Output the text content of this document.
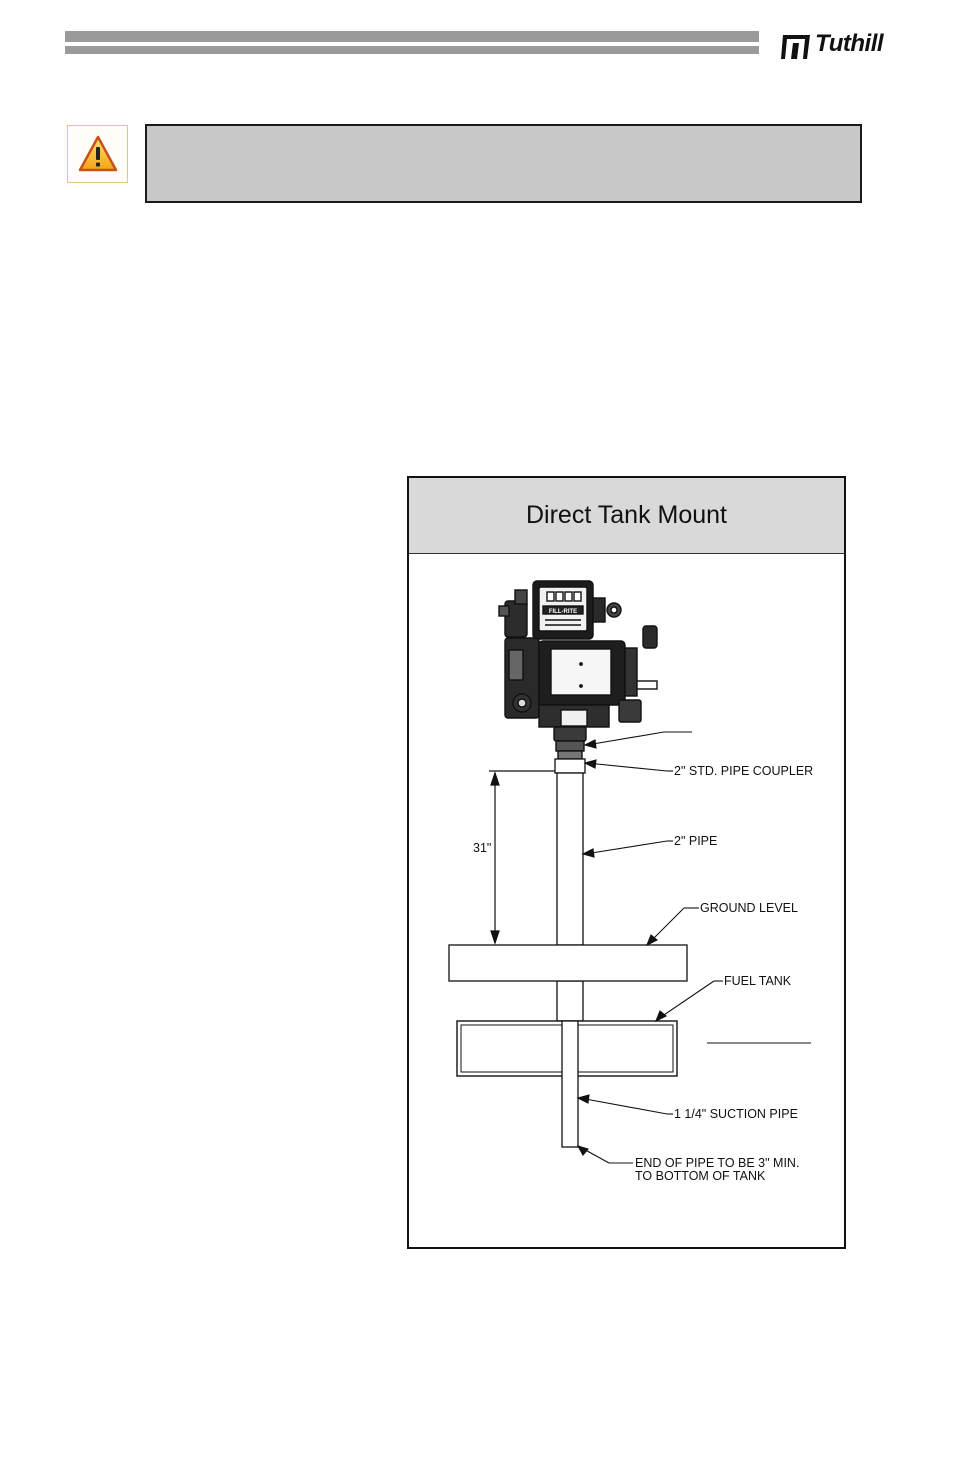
Tuthill
Direct Tank Mount
FILL-RITE
31"
2" STD. PIPE COUPLER
2" PIPE
GROUND LEVEL
FUEL TANK
1 1/4" SUCTION PIPE
END OF PIPE TO BE 3" MIN.
TO BOTTOM OF TANK
